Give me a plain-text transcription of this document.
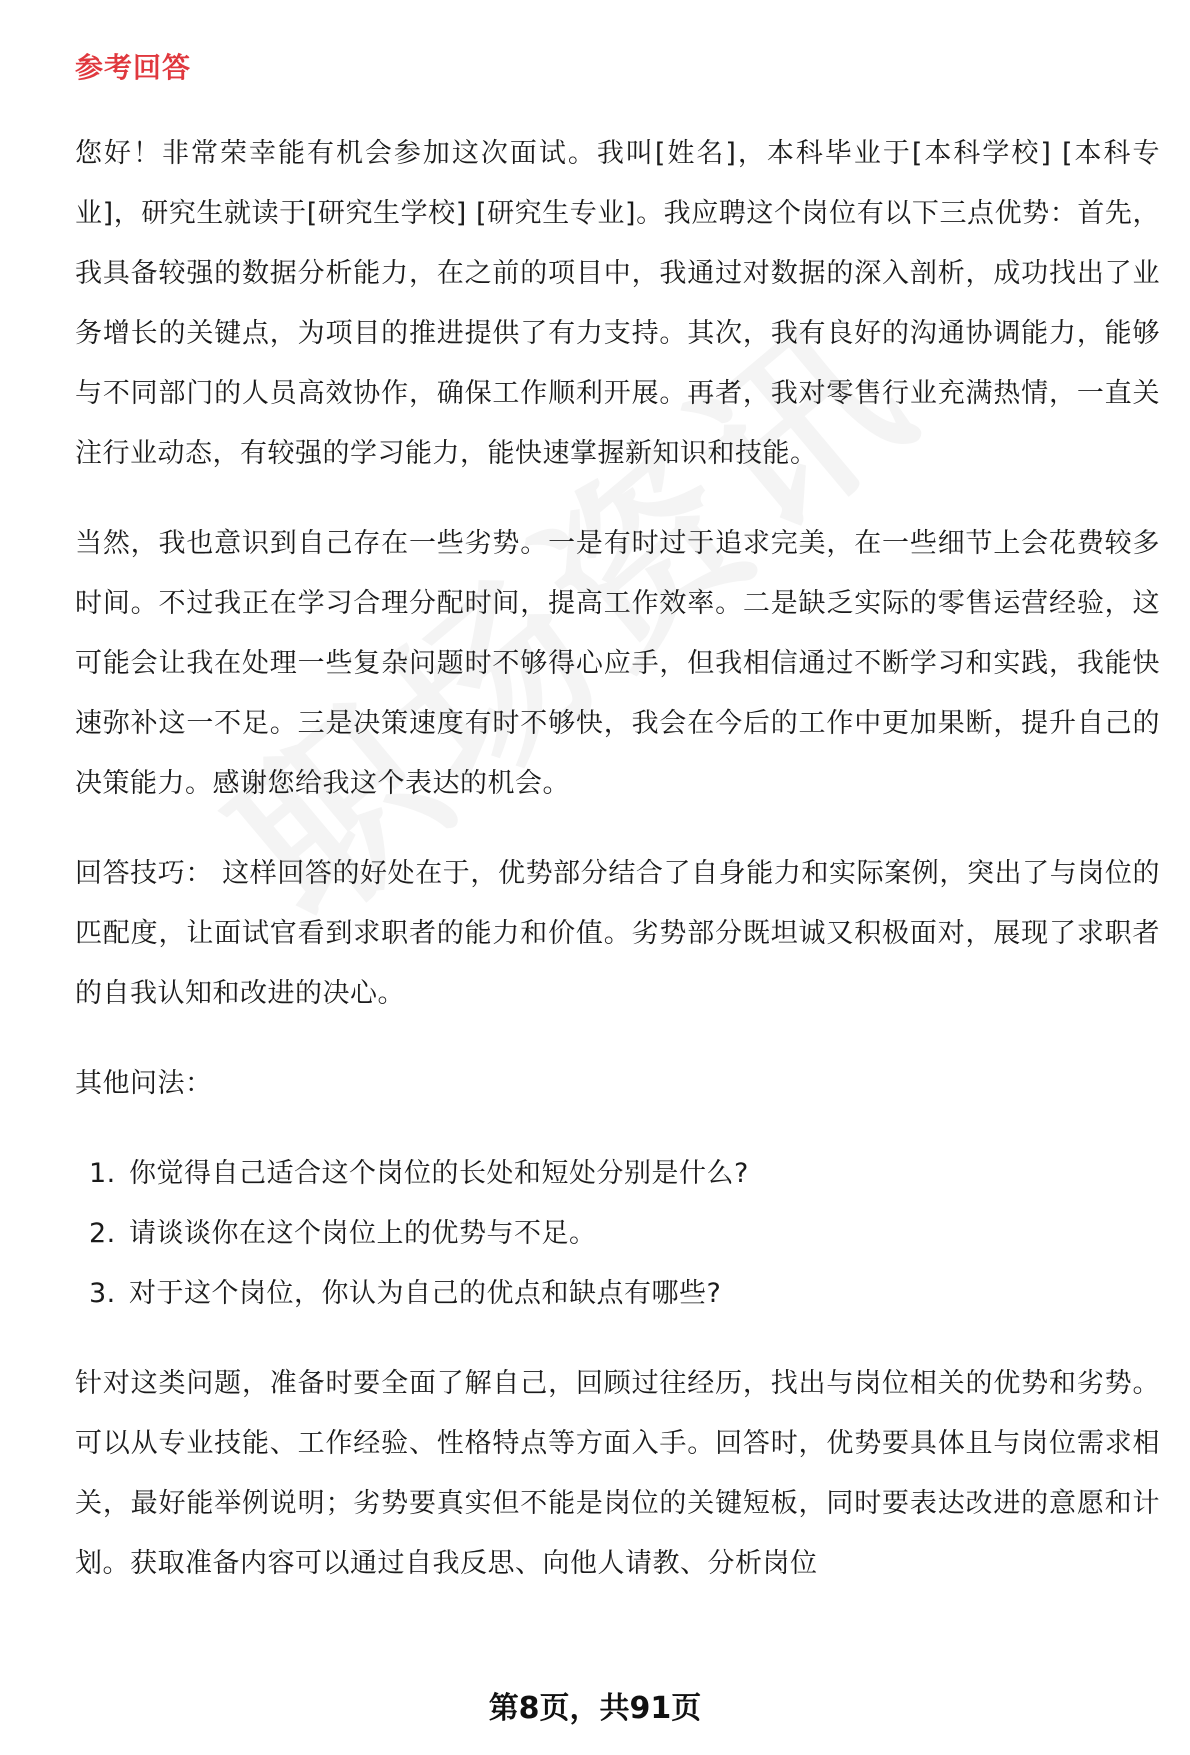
参考回答

您好！非常荣幸能有机会参加这次面试。我叫[姓名]，本科毕业于[本科学校] [本科专业]，研究生就读于[研究生学校] [研究生专业]。我应聘这个岗位有以下三点优势：首先，我具备较强的数据分析能力，在之前的项目中，我通过对数据的深入剖析，成功找出了业务增长的关键点，为项目的推进提供了有力支持。其次，我有良好的沟通协调能力，能够与不同部门的人员高效协作，确保工作顺利开展。再者，我对零售行业充满热情，一直关注行业动态，有较强的学习能力，能快速掌握新知识和技能。

当然，我也意识到自己存在一些劣势。一是有时过于追求完美，在一些细节上会花费较多时间。不过我正在学习合理分配时间，提高工作效率。二是缺乏实际的零售运营经验，这可能会让我在处理一些复杂问题时不够得心应手，但我相信通过不断学习和实践，我能快速弥补这一不足。三是决策速度有时不够快，我会在今后的工作中更加果断，提升自己的决策能力。感谢您给我这个表达的机会。

回答技巧： 这样回答的好处在于，优势部分结合了自身能力和实际案例，突出了与岗位的匹配度，让面试官看到求职者的能力和价值。劣势部分既坦诚又积极面对，展现了求职者的自我认知和改进的决心。

其他问法：

1. 你觉得自己适合这个岗位的长处和短处分别是什么?
2. 请谈谈你在这个岗位上的优势与不足。
3. 对于这个岗位，你认为自己的优点和缺点有哪些?

针对这类问题，准备时要全面了解自己，回顾过往经历，找出与岗位相关的优势和劣势。可以从专业技能、工作经验、性格特点等方面入手。回答时，优势要具体且与岗位需求相关，最好能举例说明；劣势要真实但不能是岗位的关键短板，同时要表达改进的意愿和计划。获取准备内容可以通过自我反思、向他人请教、分析岗位

第8页，共91页
